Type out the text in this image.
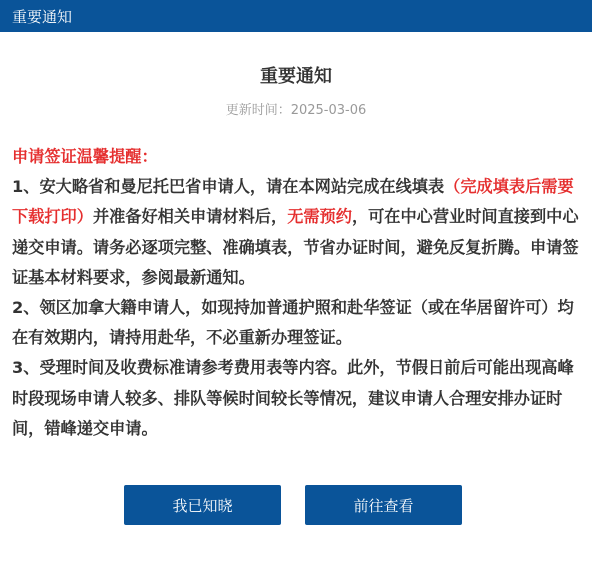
重要通知
重要通知
更新时间：2025-03-06

申请签证温馨提醒：

1、安大略省和曼尼托巴省申请人，请在本网站完成在线填表（完成填表后需要下载打印）并准备好相关申请材料后，无需预约，可在中心营业时间直接到中心递交申请。请务必逐项完整、准确填表，节省办证时间，避免反复折腾。申请签证基本材料要求，参阅最新通知。

2、领区加拿大籍申请人，如现持加普通护照和赴华签证（或在华居留许可）均在有效期内，请持用赴华，不必重新办理签证。

3、受理时间及收费标准请参考费用表等内容。此外，节假日前后可能出现高峰时段现场申请人较多、排队等候时间较长等情况，建议申请人合理安排办证时间，错峰递交申请。

我已知晓	前往查看
